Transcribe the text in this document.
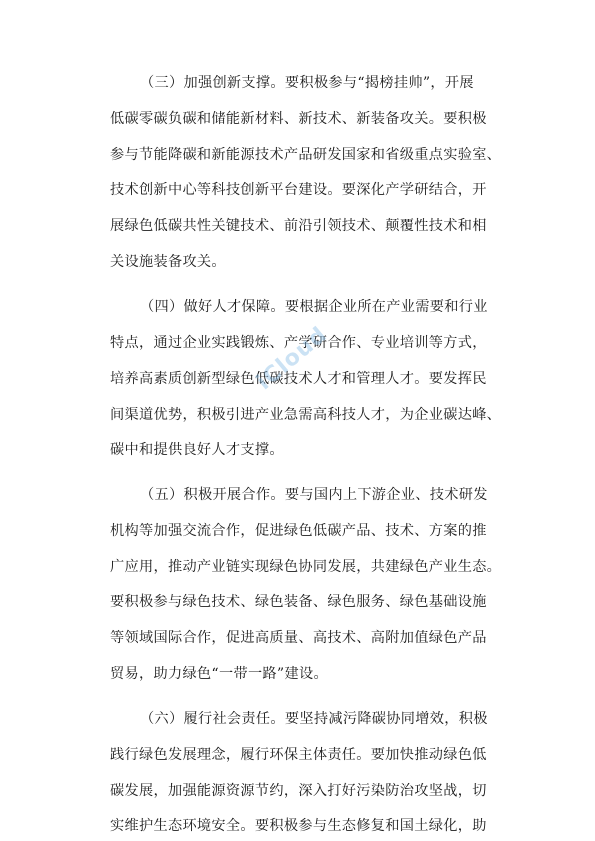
（三）加强创新支撑。要积极参与“揭榜挂帅”，开展
低碳零碳负碳和储能新材料、新技术、新装备攻关。要积极
参与节能降碳和新能源技术产品研发国家和省级重点实验室、
技术创新中心等科技创新平台建设。要深化产学研结合，开
展绿色低碳共性关键技术、前沿引领技术、颠覆性技术和相
关设施装备攻关。
（四）做好人才保障。要根据企业所在产业需要和行业
特点，通过企业实践锻炼、产学研合作、专业培训等方式，
培养高素质创新型绿色低碳技术人才和管理人才。要发挥民
间渠道优势，积极引进产业急需高科技人才，为企业碳达峰、
碳中和提供良好人才支撑。
（五）积极开展合作。要与国内上下游企业、技术研发
机构等加强交流合作，促进绿色低碳产品、技术、方案的推
广应用，推动产业链实现绿色协同发展，共建绿色产业生态。
要积极参与绿色技术、绿色装备、绿色服务、绿色基础设施
等领域国际合作，促进高质量、高技术、高附加值绿色产品
贸易，助力绿色“一带一路”建设。
（六）履行社会责任。要坚持减污降碳协同增效，积极
践行绿色发展理念，履行环保主体责任。要加快推动绿色低
碳发展，加强能源资源节约，深入打好污染防治攻坚战，切
实维护生态环境安全。要积极参与生态修复和国土绿化，助
iCloud
